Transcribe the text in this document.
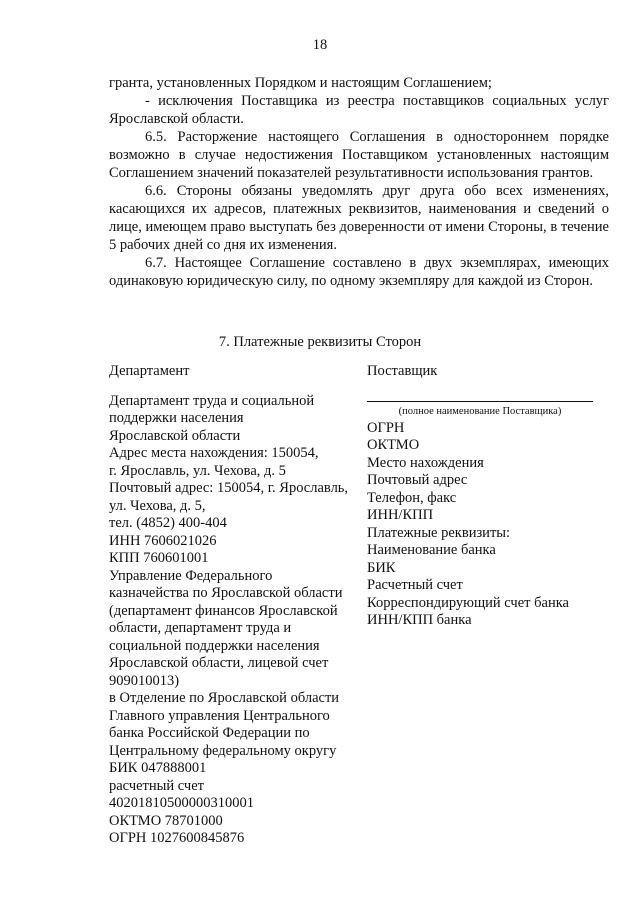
18

гранта, установленных Порядком и настоящим Соглашением;

- исключения Поставщика из реестра поставщиков социальных услуг Ярославской области.

6.5. Расторжение настоящего Соглашения в одностороннем порядке возможно в случае недостижения Поставщиком установленных настоящим Соглашением значений показателей результативности использования грантов.

6.6. Стороны обязаны уведомлять друг друга обо всех изменениях, касающихся их адресов, платежных реквизитов, наименования и сведений о лице, имеющем право выступать без доверенности от имени Стороны, в течение 5 рабочих дней со дня их изменения.

6.7. Настоящее Соглашение составлено в двух экземплярах, имеющих одинаковую юридическую силу, по одному экземпляру для каждой из Сторон.

7. Платежные реквизиты Сторон
Департамент
Департамент труда и социальной
поддержки населения
Ярославской области
Адрес места нахождения: 150054,
г. Ярославль, ул. Чехова, д. 5
Почтовый адрес: 150054, г. Ярославль,
ул. Чехова, д. 5,
тел. (4852) 400-404
ИНН 7606021026
КПП 760601001
Управление Федерального
казначейства по Ярославской области
(департамент финансов Ярославской
области, департамент труда и
социальной поддержки населения
Ярославской области, лицевой счет
909010013)
в Отделение по Ярославской области
Главного управления Центрального
банка Российской Федерации по
Центральному федеральному округу
БИК 047888001
расчетный счет
40201810500000310001
ОКТМО 78701000
ОГРН 1027600845876
Поставщик
(полное наименование Поставщика)
ОГРН
ОКТМО
Место нахождения
Почтовый адрес
Телефон, факс
ИНН/КПП
Платежные реквизиты:
Наименование банка
БИК
Расчетный счет
Корреспондирующий счет банка
ИНН/КПП банка
